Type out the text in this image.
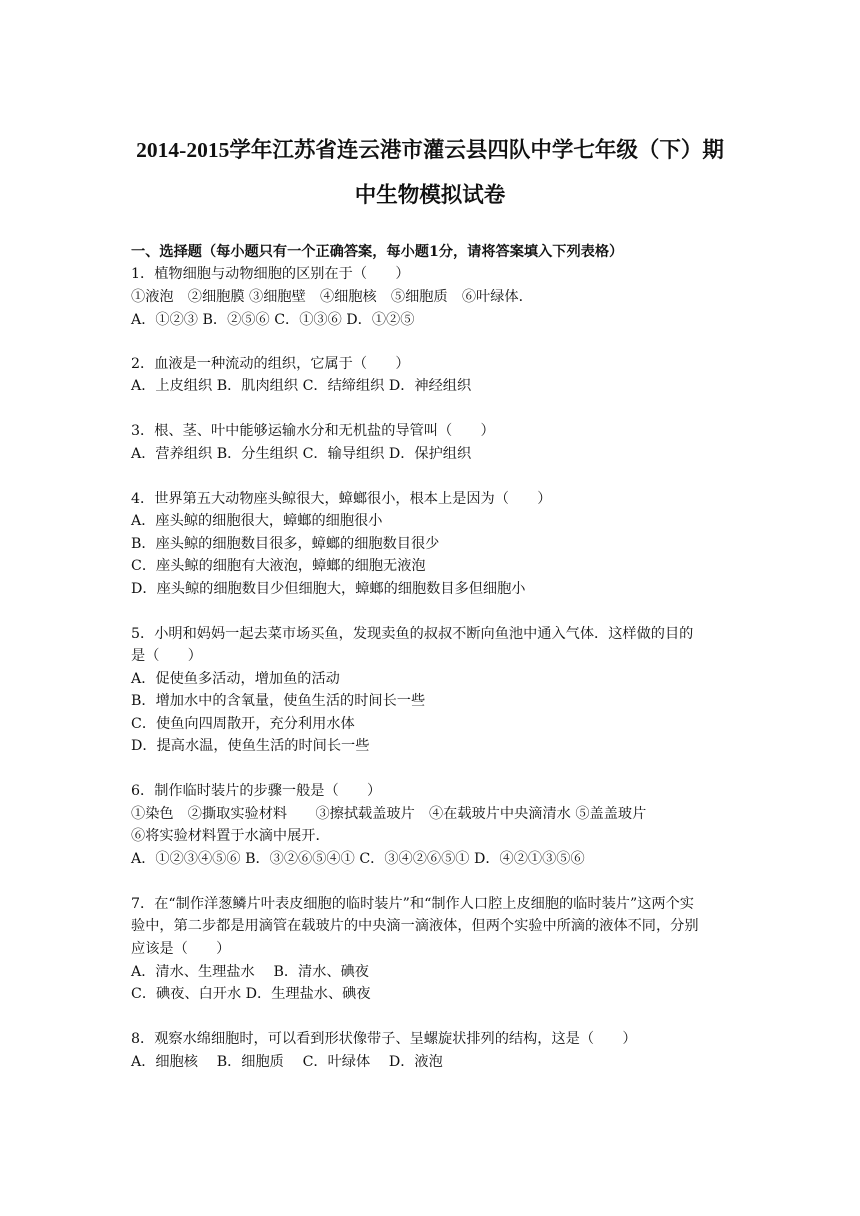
2014-2015学年江苏省连云港市灌云县四队中学七年级（下）期
中生物模拟试卷
一、选择题（每小题只有一个正确答案，每小题1分，请将答案填入下列表格）
1．植物细胞与动物细胞的区别在于（　　）
①液泡　②细胞膜 ③细胞壁　④细胞核　⑤细胞质　⑥叶绿体．
A．①②③ B．②⑤⑥ C．①③⑥ D．①②⑤
2．血液是一种流动的组织，它属于（　　）
A．上皮组织 B．肌肉组织 C．结缔组织 D．神经组织
3．根、茎、叶中能够运输水分和无机盐的导管叫（　　）
A．营养组织 B．分生组织 C．输导组织 D．保护组织
4．世界第五大动物座头鲸很大，蟑螂很小，根本上是因为（　　）
A．座头鲸的细胞很大，蟑螂的细胞很小
B．座头鲸的细胞数目很多，蟑螂的细胞数目很少
C．座头鲸的细胞有大液泡，蟑螂的细胞无液泡
D．座头鲸的细胞数目少但细胞大，蟑螂的细胞数目多但细胞小
5．小明和妈妈一起去菜市场买鱼，发现卖鱼的叔叔不断向鱼池中通入气体．这样做的目的
是（　　）
A．促使鱼多活动，增加鱼的活动
B．增加水中的含氧量，使鱼生活的时间长一些
C．使鱼向四周散开，充分利用水体
D．提高水温，使鱼生活的时间长一些
6．制作临时装片的步骤一般是（　　）
①染色　②撕取实验材料　　③擦拭载盖玻片　④在载玻片中央滴清水 ⑤盖盖玻片
⑥将实验材料置于水滴中展开．
A．①②③④⑤⑥ B．③②⑥⑤④① C．③④②⑥⑤① D．④②①③⑤⑥
7．在“制作洋葱鳞片叶表皮细胞的临时装片”和“制作人口腔上皮细胞的临时装片”这两个实
验中，第二步都是用滴管在载玻片的中央滴一滴液体，但两个实验中所滴的液体不同，分别
应该是（　　）
A．清水、生理盐水　 B．清水、碘夜
C．碘夜、白开水 D．生理盐水、碘夜
8．观察水绵细胞时，可以看到形状像带子、呈螺旋状排列的结构，这是（　　）
A．细胞核　 B．细胞质　 C．叶绿体　 D．液泡
